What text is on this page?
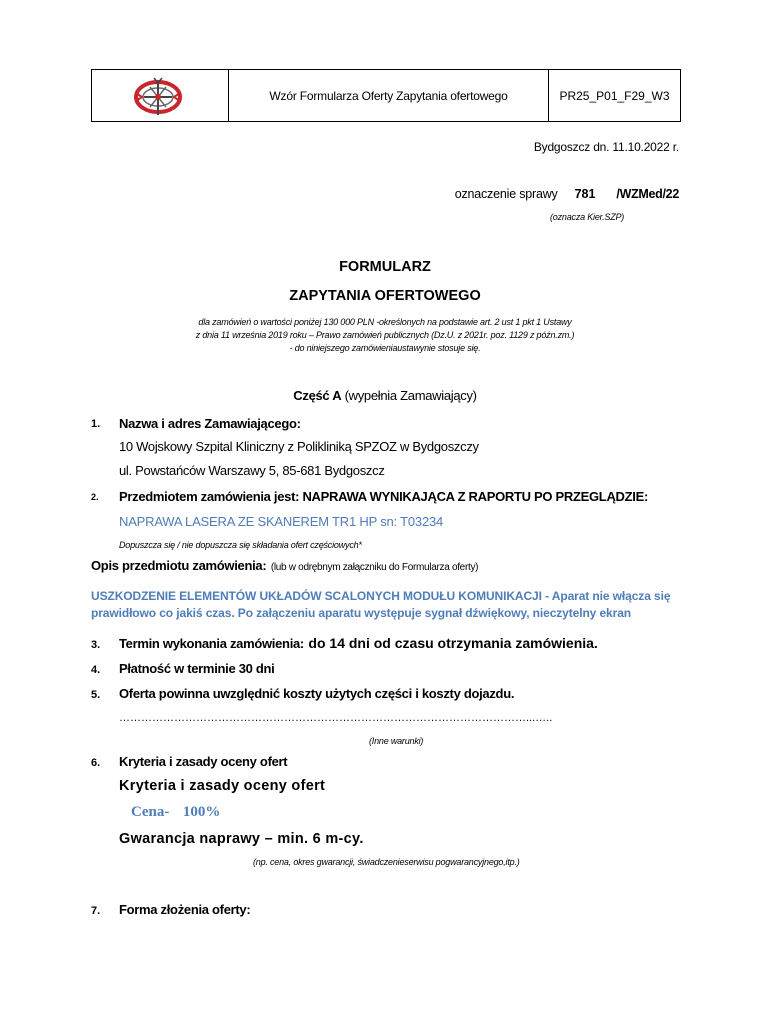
Wzór Formularza Oferty Zapytania ofertowego	PR25_P01_F29_W3
Bydgoszcz dn. 11.10.2022 r.
oznaczenie sprawy 781 /WZMed/22
(oznacza Kier.SZP)
FORMULARZ
ZAPYTANIA OFERTOWEGO
dla zamówień o wartości poniżej 130 000 PLN -określonych na podstawie art. 2 ust 1 pkt 1 Ustawy
z dnia 11 września 2019 roku – Prawo zamówień publicznych (Dz.U. z 2021r. poz. 1129 z późn.zm.)
- do niniejszego zamówieniaustawynie stosuje się.
Część A (wypełnia Zamawiający)
1. Nazwa i adres Zamawiającego:
10 Wojskowy Szpital Kliniczny z Polikliniką SPZOZ w Bydgoszczy
ul. Powstańców Warszawy 5, 85-681 Bydgoszcz
2. Przedmiotem zamówienia jest: NAPRAWA WYNIKAJĄCA Z RAPORTU PO PRZEGLĄDZIE:
NAPRAWA LASERA ZE SKANEREM TR1 HP sn: T03234
Dopuszcza się / nie dopuszcza się składania ofert częściowych*
Opis przedmiotu zamówienia: (lub w odrębnym załączniku do Formularza oferty)
USZKODZENIE ELEMENTÓW UKŁADÓW SCALONYCH MODUŁU KOMUNIKACJI - Aparat nie włącza się
prawidłowo co jakiś czas. Po załączeniu aparatu występuje sygnał dźwiękowy, nieczytelny ekran
3. Termin wykonania zamówienia: do 14 dni od czasu otrzymania zamówienia.
4. Płatność w terminie 30 dni
5. Oferta powinna uwzględnić koszty użytych części i koszty dojazdu.
…………………………………………………………………………………………………...…..
(Inne warunki)
6. Kryteria i zasady oceny ofert
Kryteria i zasady oceny ofert
Cena- 100%
Gwarancja naprawy – min. 6 m-cy.
(np. cena, okres gwarancji, świadczenieserwisu pogwarancyjnego,itp.)
7. Forma złożenia oferty:
